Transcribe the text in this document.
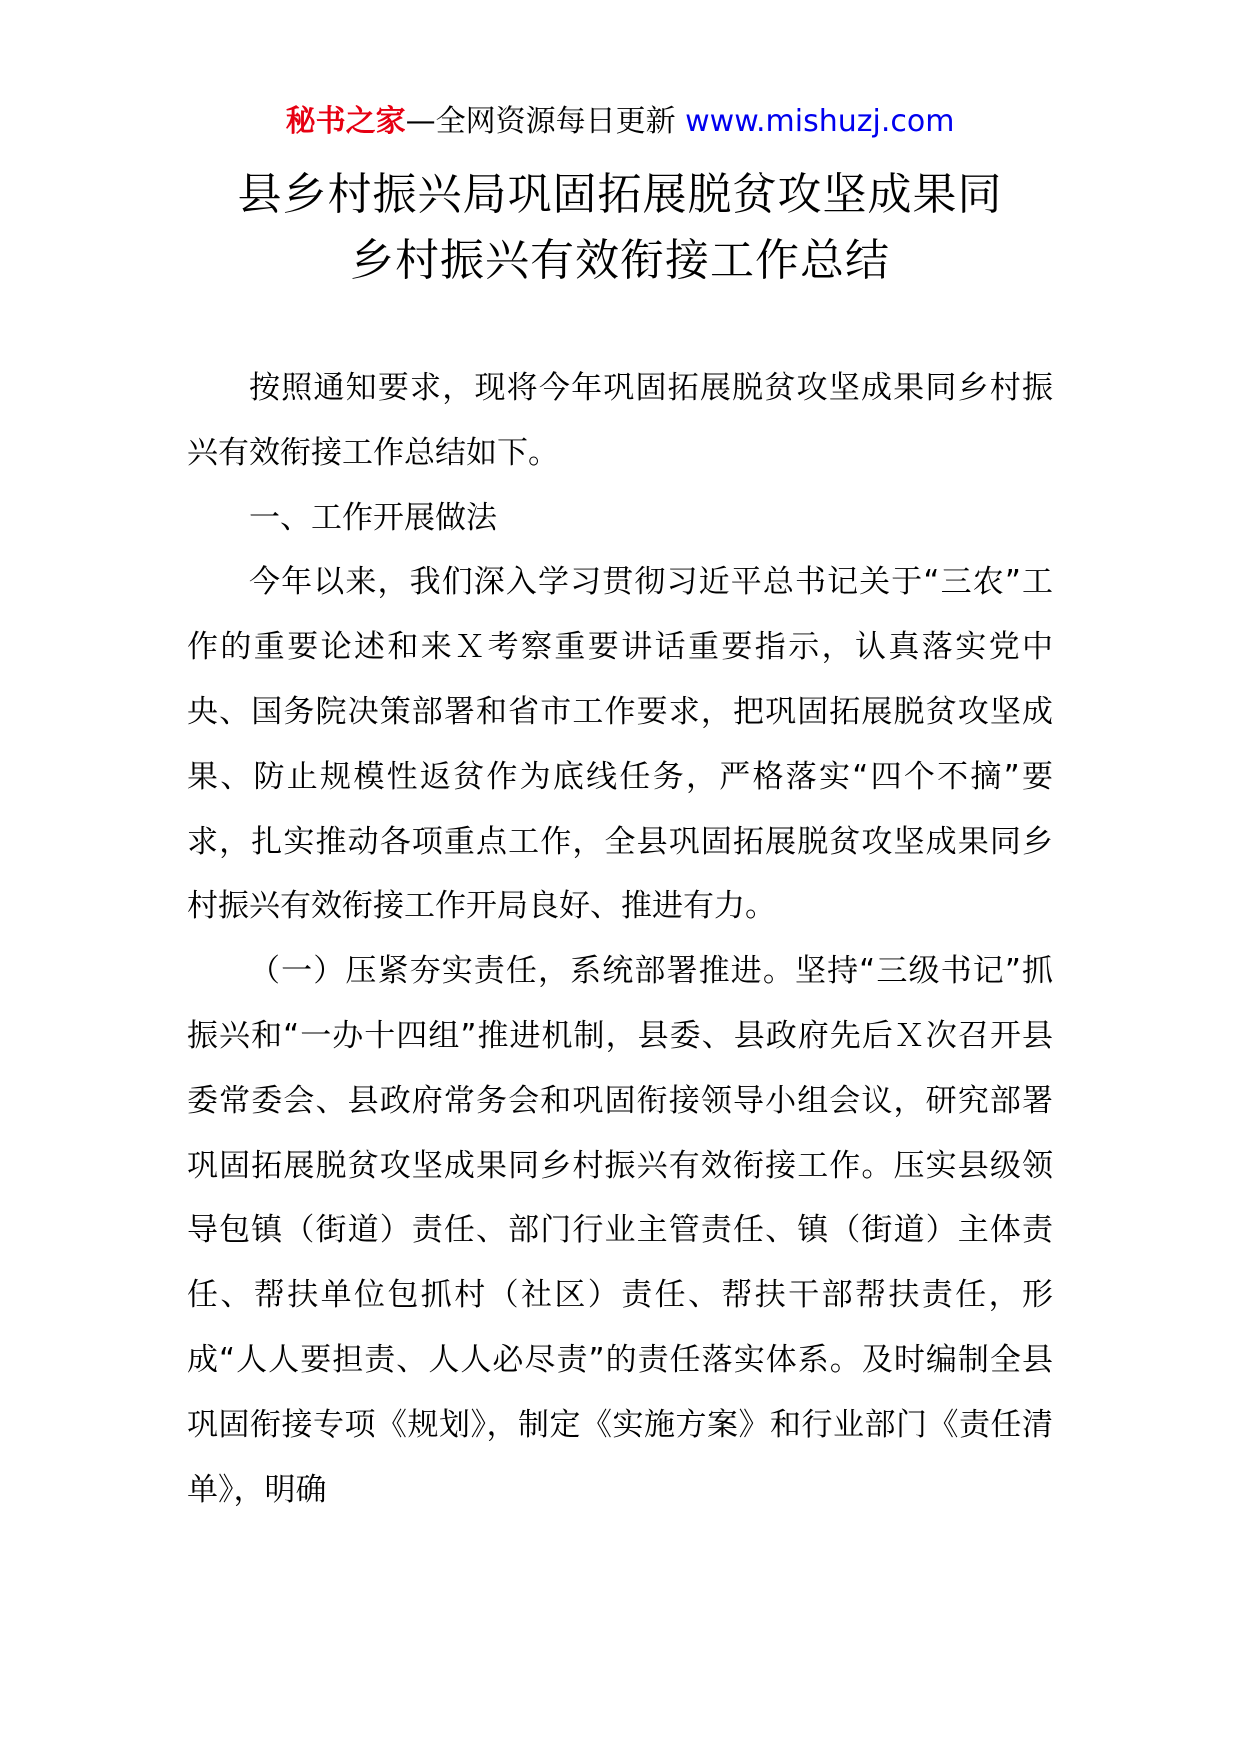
秘书之家—全网资源每日更新 www.mishuzj.com
县乡村振兴局巩固拓展脱贫攻坚成果同
乡村振兴有效衔接工作总结

按照通知要求，现将今年巩固拓展脱贫攻坚成果同乡村振兴有效衔接工作总结如下。

一、工作开展做法

今年以来，我们深入学习贯彻习近平总书记关于“三农”工作的重要论述和来Ｘ考察重要讲话重要指示，认真落实党中央、国务院决策部署和省市工作要求，把巩固拓展脱贫攻坚成果、防止规模性返贫作为底线任务，严格落实“四个不摘”要求，扎实推动各项重点工作，全县巩固拓展脱贫攻坚成果同乡村振兴有效衔接工作开局良好、推进有力。

（一）压紧夯实责任，系统部署推进。坚持“三级书记”抓振兴和“一办十四组”推进机制，县委、县政府先后Ｘ次召开县委常委会、县政府常务会和巩固衔接领导小组会议，研究部署巩固拓展脱贫攻坚成果同乡村振兴有效衔接工作。压实县级领导包镇（街道）责任、部门行业主管责任、镇（街道）主体责任、帮扶单位包抓村（社区）责任、帮扶干部帮扶责任，形成“人人要担责、人人必尽责”的责任落实体系。及时编制全县巩固衔接专项《规划》，制定《实施方案》和行业部门《责任清单》，明确
